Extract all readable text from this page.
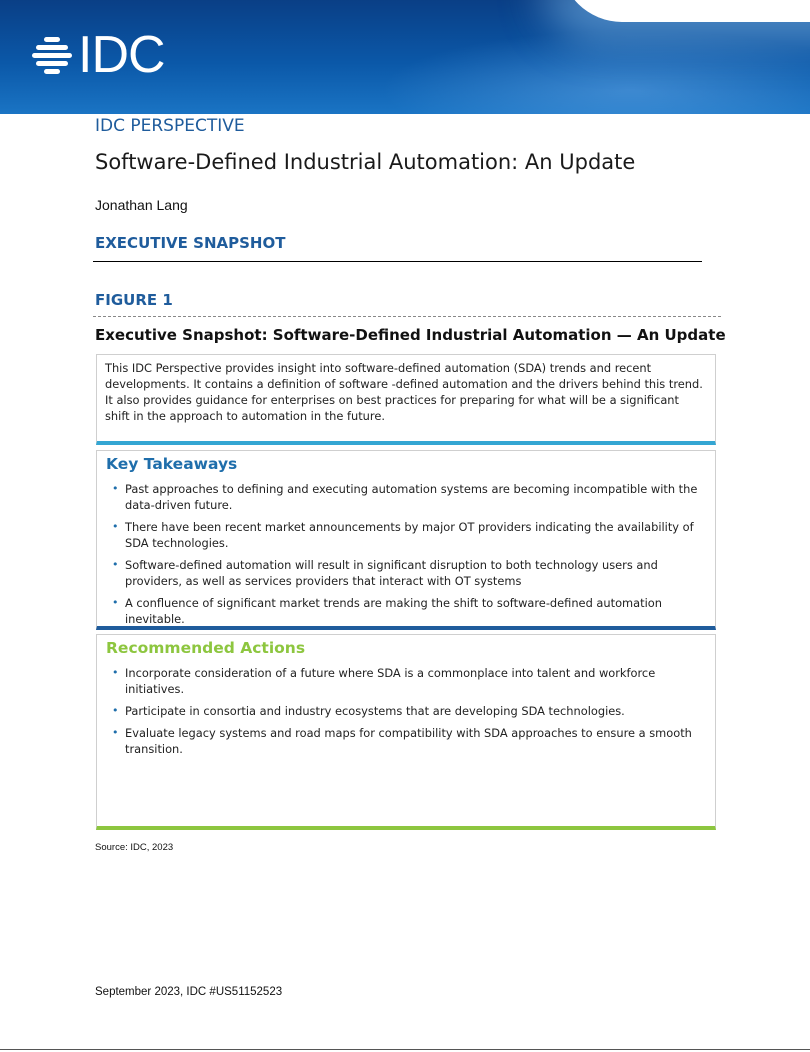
IDC
IDC PERSPECTIVE
Software-Defined Industrial Automation: An Update
Jonathan Lang
EXECUTIVE SNAPSHOT
FIGURE 1
Executive Snapshot: Software-Defined Industrial Automation — An Update
This IDC Perspective provides insight into software-defined automation (SDA) trends and recent developments. It contains a definition of software -defined automation and the drivers behind this trend. It also provides guidance for enterprises on best practices for preparing for what will be a significant shift in the approach to automation in the future.
Key Takeaways
• Past approaches to defining and executing automation systems are becoming incompatible with the data-driven future.
• There have been recent market announcements by major OT providers indicating the availability of SDA technologies.
• Software-defined automation will result in significant disruption to both technology users and providers, as well as services providers that interact with OT systems
• A confluence of significant market trends are making the shift to software-defined automation inevitable.
Recommended Actions
• Incorporate consideration of a future where SDA is a commonplace into talent and workforce initiatives.
• Participate in consortia and industry ecosystems that are developing SDA technologies.
• Evaluate legacy systems and road maps for compatibility with SDA approaches to ensure a smooth transition.
Source: IDC, 2023
September 2023, IDC #US51152523
